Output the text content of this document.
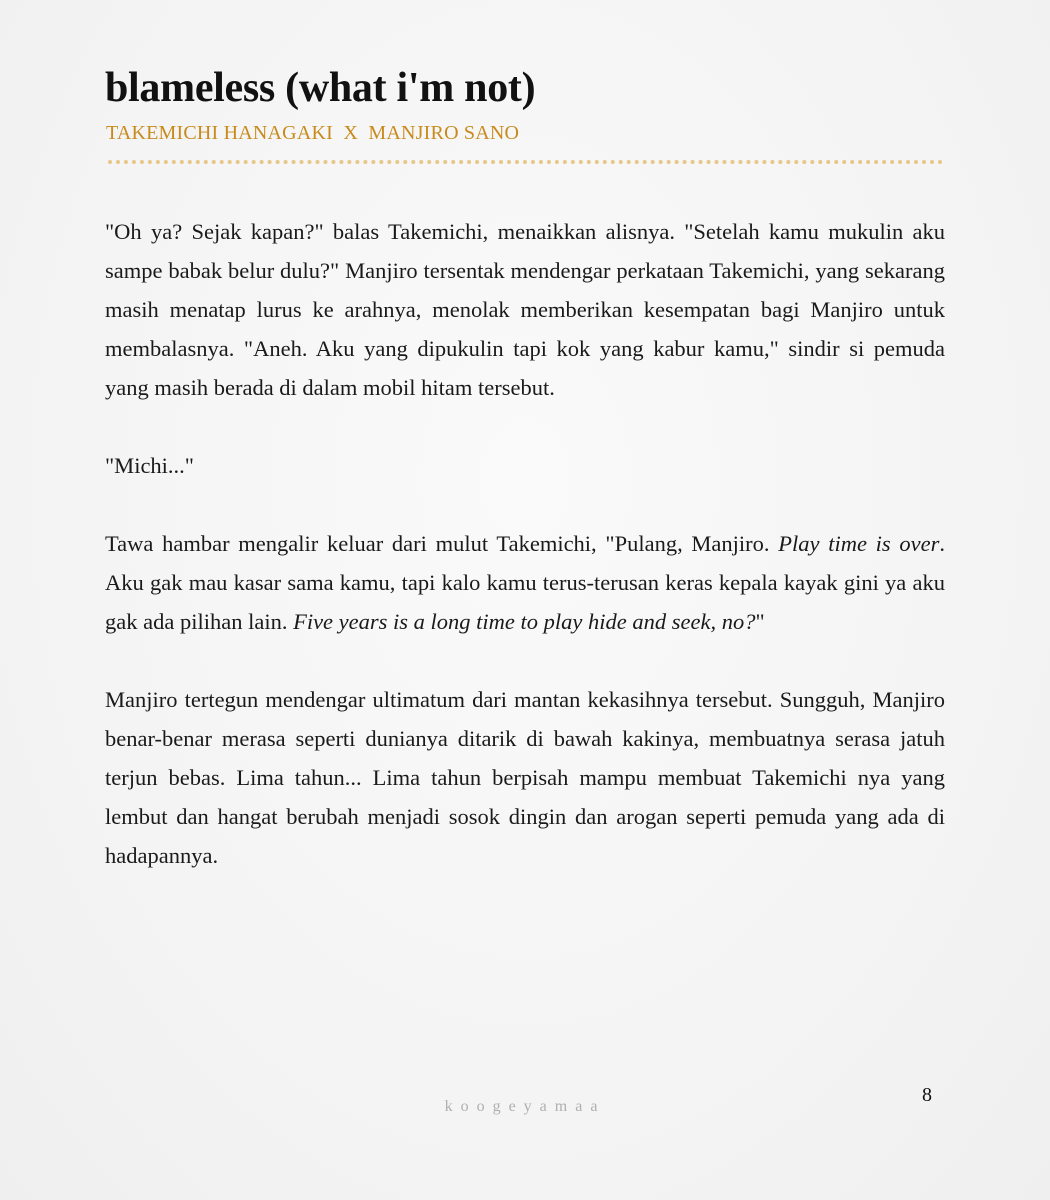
blameless (what i'm not)
TAKEMICHI HANAGAKI  X  MANJIRO SANO

"Oh ya? Sejak kapan?" balas Takemichi, menaikkan alisnya. "Setelah kamu mukulin aku sampe babak belur dulu?" Manjiro tersentak mendengar perkataan Takemichi, yang sekarang masih menatap lurus ke arahnya, menolak memberikan kesempatan bagi Manjiro untuk membalasnya. "Aneh. Aku yang dipukulin tapi kok yang kabur kamu," sindir si pemuda yang masih berada di dalam mobil hitam tersebut.

"Michi..."

Tawa hambar mengalir keluar dari mulut Takemichi, "Pulang, Manjiro. Play time is over. Aku gak mau kasar sama kamu, tapi kalo kamu terus-terusan keras kepala kayak gini ya aku gak ada pilihan lain. Five years is a long time to play hide and seek, no?"

Manjiro tertegun mendengar ultimatum dari mantan kekasihnya tersebut. Sungguh, Manjiro benar-benar merasa seperti dunianya ditarik di bawah kakinya, membuatnya serasa jatuh terjun bebas. Lima tahun... Lima tahun berpisah mampu membuat Takemichi nya yang lembut dan hangat berubah menjadi sosok dingin dan arogan seperti pemuda yang ada di hadapannya.

koogeyamaa
8
